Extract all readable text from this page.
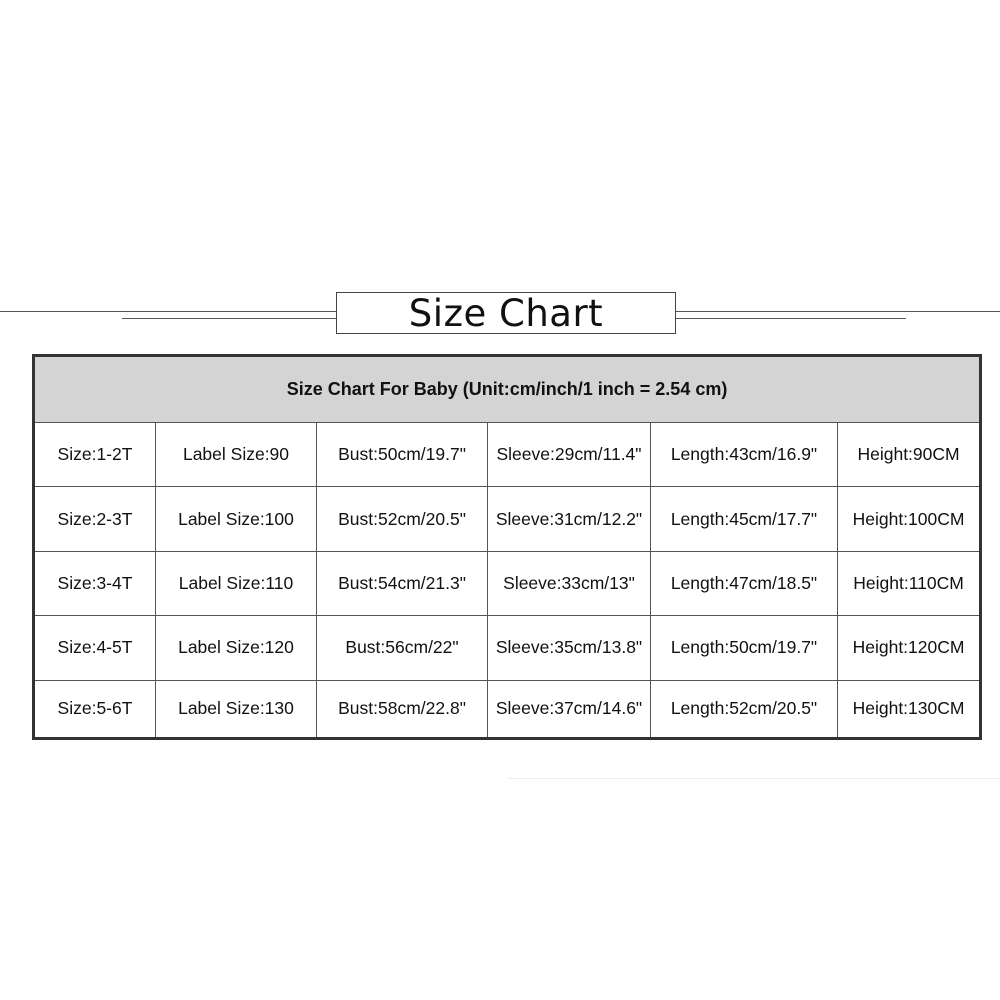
Size Chart
Size Chart For Baby (Unit:cm/inch/1 inch = 2.54 cm)					
Size:1-2T	Label Size:90	Bust:50cm/19.7"	Sleeve:29cm/11.4"	Length:43cm/16.9"	Height:90CM
Size:2-3T	Label Size:100	Bust:52cm/20.5"	Sleeve:31cm/12.2"	Length:45cm/17.7"	Height:100CM
Size:3-4T	Label Size:110	Bust:54cm/21.3"	Sleeve:33cm/13"	Length:47cm/18.5"	Height:110CM
Size:4-5T	Label Size:120	Bust:56cm/22"	Sleeve:35cm/13.8"	Length:50cm/19.7"	Height:120CM
Size:5-6T	Label Size:130	Bust:58cm/22.8"	Sleeve:37cm/14.6"	Length:52cm/20.5"	Height:130CM
